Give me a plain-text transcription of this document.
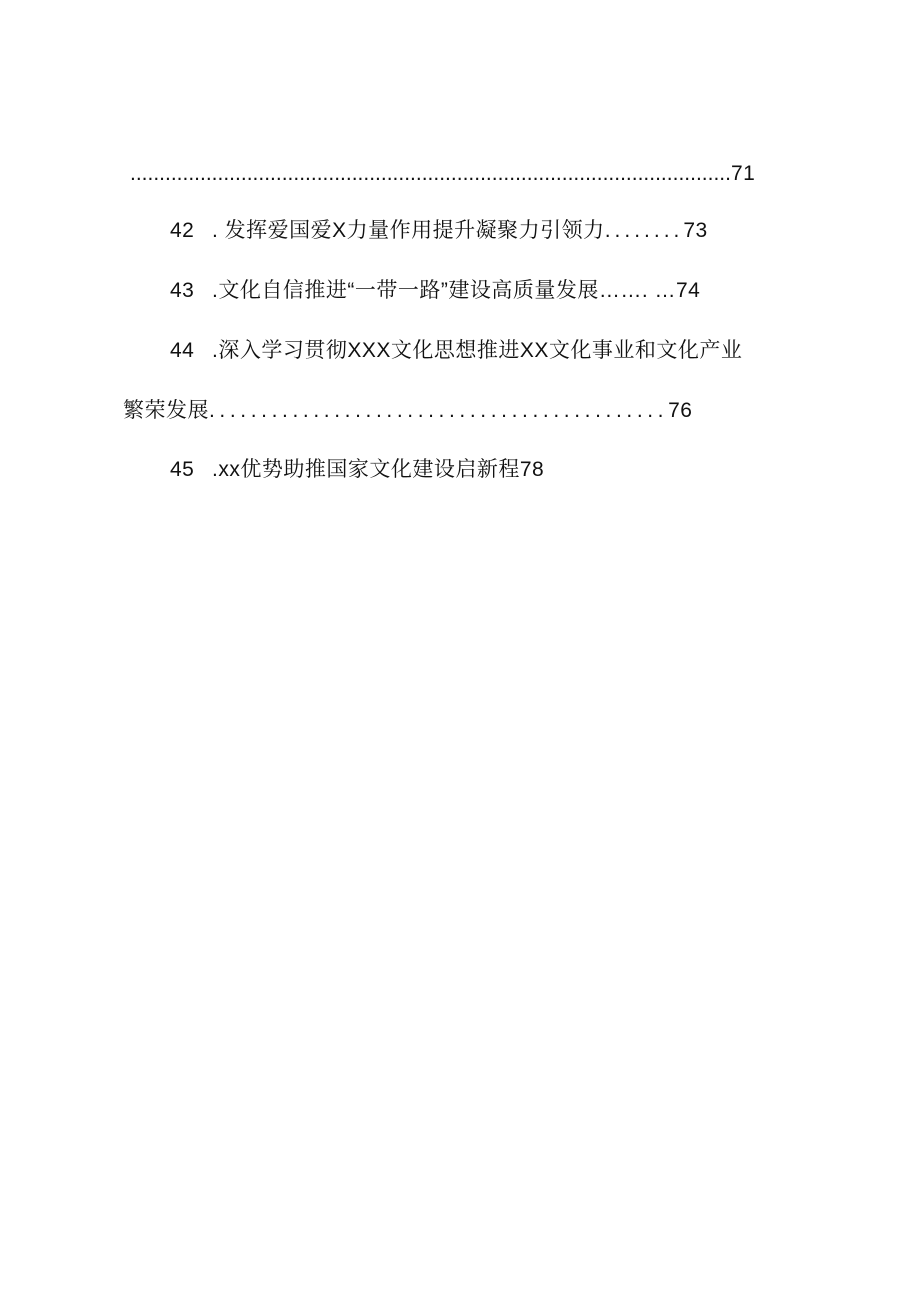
.......................................................................................................71
42 . 发挥爱国爱X力量作用提升凝聚力引领力........73
43 .文化自信推进“一带一路”建设高质量发展……. …74
44 .深入学习贯彻XXX文化思想推进XX文化事业和文化产业
繁荣发展............................................76
45 .xx优势助推国家文化建设启新程78
